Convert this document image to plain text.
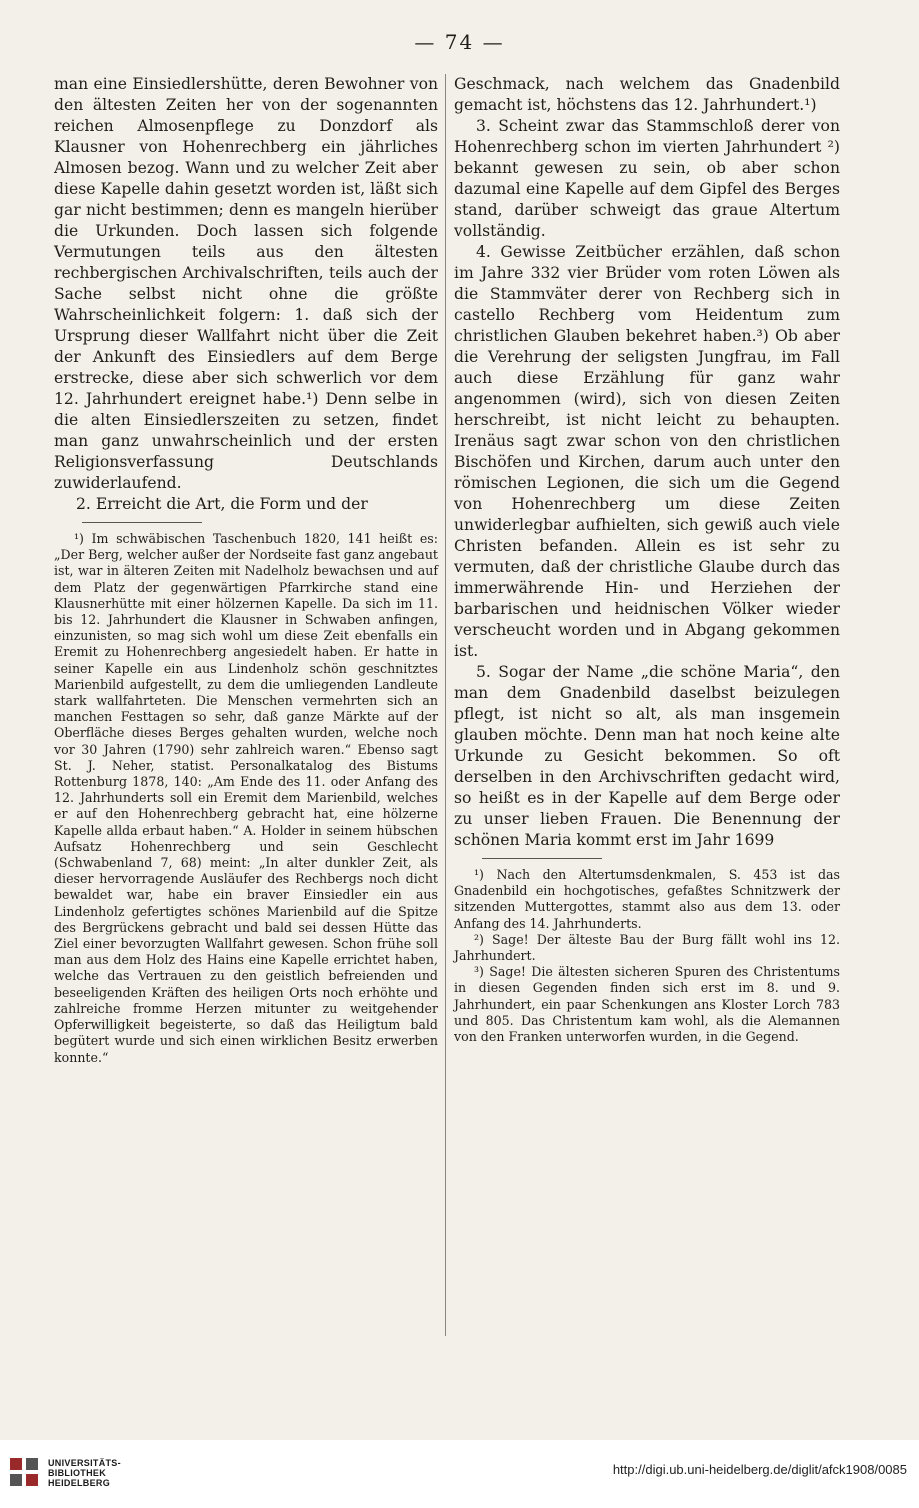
— 74 —

man eine Einsiedlershütte, deren Bewohner von den ältesten Zeiten her von der sogenannten reichen Almosenpflege zu Donzdorf als Klausner von Hohenrechberg ein jährliches Almosen bezog. Wann und zu welcher Zeit aber diese Kapelle dahin gesetzt worden ist, läßt sich gar nicht bestimmen; denn es mangeln hierüber die Urkunden. Doch lassen sich folgende Vermutungen teils aus den ältesten rechbergischen Archivalschriften, teils auch der Sache selbst nicht ohne die größte Wahrscheinlichkeit folgern: 1. daß sich der Ursprung dieser Wallfahrt nicht über die Zeit der Ankunft des Einsiedlers auf dem Berge erstrecke, diese aber sich schwerlich vor dem 12. Jahrhundert ereignet habe.¹) Denn selbe in die alten Einsiedlerszeiten zu setzen, findet man ganz unwahrscheinlich und der ersten Religionsverfassung Deutschlands zuwiderlaufend.

2. Erreicht die Art, die Form und der

¹) Im schwäbischen Taschenbuch 1820, 141 heißt es: „Der Berg, welcher außer der Nordseite fast ganz angebaut ist, war in älteren Zeiten mit Nadelholz bewachsen und auf dem Platz der gegenwärtigen Pfarrkirche stand eine Klausnerhütte mit einer hölzernen Kapelle. Da sich im 11. bis 12. Jahrhundert die Klausner in Schwaben anfingen, einzunisten, so mag sich wohl um diese Zeit ebenfalls ein Eremit zu Hohenrechberg angesiedelt haben. Er hatte in seiner Kapelle ein aus Lindenholz schön geschnitztes Marienbild aufgestellt, zu dem die umliegenden Landleute stark wallfahrteten. Die Menschen vermehrten sich an manchen Festtagen so sehr, daß ganze Märkte auf der Oberfläche dieses Berges gehalten wurden, welche noch vor 30 Jahren (1790) sehr zahlreich waren.“ Ebenso sagt St. J. Neher, statist. Personalkatalog des Bistums Rottenburg 1878, 140: „Am Ende des 11. oder Anfang des 12. Jahrhunderts soll ein Eremit dem Marienbild, welches er auf den Hohenrechberg gebracht hat, eine hölzerne Kapelle allda erbaut haben.“ A. Holder in seinem hübschen Aufsatz Hohenrechberg und sein Geschlecht (Schwabenland 7, 68) meint: „In alter dunkler Zeit, als dieser hervorragende Ausläufer des Rechbergs noch dicht bewaldet war, habe ein braver Einsiedler ein aus Lindenholz gefertigtes schönes Marienbild auf die Spitze des Bergrückens gebracht und bald sei dessen Hütte das Ziel einer bevorzugten Wallfahrt gewesen. Schon frühe soll man aus dem Holz des Hains eine Kapelle errichtet haben, welche das Vertrauen zu den geistlich befreienden und beseeligenden Kräften des heiligen Orts noch erhöhte und zahlreiche fromme Herzen mitunter zu weitgehender Opferwilligkeit begeisterte, so daß das Heiligtum bald begütert wurde und sich einen wirklichen Besitz erwerben konnte.“

Geschmack, nach welchem das Gnadenbild gemacht ist, höchstens das 12. Jahrhundert.¹)

3. Scheint zwar das Stammschloß derer von Hohenrechberg schon im vierten Jahrhundert ²) bekannt gewesen zu sein, ob aber schon dazumal eine Kapelle auf dem Gipfel des Berges stand, darüber schweigt das graue Altertum vollständig.

4. Gewisse Zeitbücher erzählen, daß schon im Jahre 332 vier Brüder vom roten Löwen als die Stammväter derer von Rechberg sich in castello Rechberg vom Heidentum zum christlichen Glauben bekehret haben.³) Ob aber die Verehrung der seligsten Jungfrau, im Fall auch diese Erzählung für ganz wahr angenommen (wird), sich von diesen Zeiten herschreibt, ist nicht leicht zu behaupten. Irenäus sagt zwar schon von den christlichen Bischöfen und Kirchen, darum auch unter den römischen Legionen, die sich um die Gegend von Hohenrechberg um diese Zeiten unwiderlegbar aufhielten, sich gewiß auch viele Christen befanden. Allein es ist sehr zu vermuten, daß der christliche Glaube durch das immerwährende Hin- und Herziehen der barbarischen und heidnischen Völker wieder verscheucht worden und in Abgang gekommen ist.

5. Sogar der Name „die schöne Maria“, den man dem Gnadenbild daselbst beizulegen pflegt, ist nicht so alt, als man insgemein glauben möchte. Denn man hat noch keine alte Urkunde zu Gesicht bekommen. So oft derselben in den Archivschriften gedacht wird, so heißt es in der Kapelle auf dem Berge oder zu unser lieben Frauen. Die Benennung der schönen Maria kommt erst im Jahr 1699

¹) Nach den Altertumsdenkmalen, S. 453 ist das Gnadenbild ein hochgotisches, gefaßtes Schnitzwerk der sitzenden Muttergottes, stammt also aus dem 13. oder Anfang des 14. Jahrhunderts.

²) Sage! Der älteste Bau der Burg fällt wohl ins 12. Jahrhundert.

³) Sage! Die ältesten sicheren Spuren des Christentums in diesen Gegenden finden sich erst im 8. und 9. Jahrhundert, ein paar Schenkungen ans Kloster Lorch 783 und 805. Das Christentum kam wohl, als die Alemannen von den Franken unterworfen wurden, in die Gegend.

UNIVERSITÄTS-
BIBLIOTHEK
HEIDELBERG
http://digi.ub.uni-heidelberg.de/diglit/afck1908/0085
